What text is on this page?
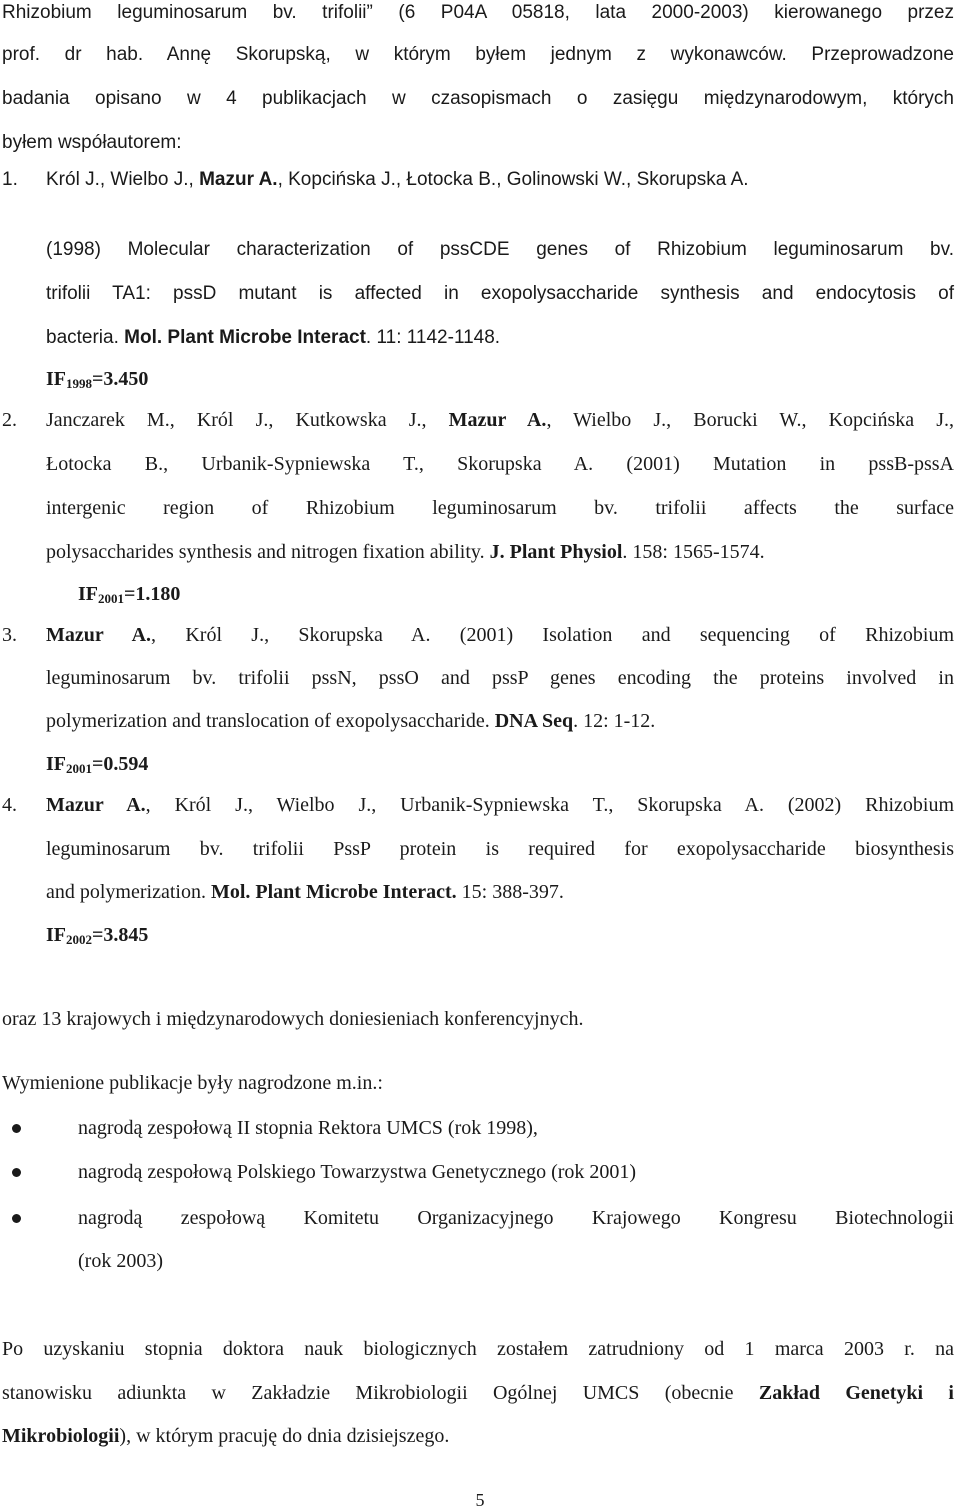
Rhizobium leguminosarum bv. trifolii” (6 P04A 05818, lata 2000-2003) kierowanego przez
prof. dr hab. Annę Skorupską, w którym byłem jednym z wykonawców. Przeprowadzone
badania opisano w 4 publikacjach w czasopismach o zasięgu międzynarodowym, których
byłem współautorem:
1. Król J., Wielbo J., Mazur A., Kopcińska J., Łotocka B., Golinowski W., Skorupska A.
(1998) Molecular characterization of pssCDE genes of Rhizobium leguminosarum bv.
trifolii TA1: pssD mutant is affected in exopolysaccharide synthesis and endocytosis of
bacteria. Mol. Plant Microbe Interact. 11: 1142-1148.
$IF_{1998}=3.450$
2. Janczarek M., Król J., Kutkowska J., Mazur A., Wielbo J., Borucki W., Kopcińska J.,
Łotocka B., Urbanik-Sypniewska T., Skorupska A. (2001) Mutation in pssB-pssA
intergenic region of Rhizobium leguminosarum bv. trifolii affects the surface
polysaccharides synthesis and nitrogen fixation ability. J. Plant Physiol. 158: 1565-1574.
$IF_{2001}=1.180$
3. Mazur A., Król J., Skorupska A. (2001) Isolation and sequencing of Rhizobium
leguminosarum bv. trifolii pssN, pssO and pssP genes encoding the proteins involved in
polymerization and translocation of exopolysaccharide. DNA Seq. 12: 1-12.
$IF_{2001}=0.594$
4. Mazur A., Król J., Wielbo J., Urbanik-Sypniewska T., Skorupska A. (2002) Rhizobium
leguminosarum bv. trifolii PssP protein is required for exopolysaccharide biosynthesis
and polymerization. Mol. Plant Microbe Interact. 15: 388-397.
$IF_{2002}=3.845$
oraz 13 krajowych i międzynarodowych doniesieniach konferencyjnych.
Wymienione publikacje były nagrodzone m.in.:
nagrodą zespołową II stopnia Rektora UMCS (rok 1998),
nagrodą zespołową Polskiego Towarzystwa Genetycznego (rok 2001)
nagrodą zespołową Komitetu Organizacyjnego Krajowego Kongresu Biotechnologii
(rok 2003)
Po uzyskaniu stopnia doktora nauk biologicznych zostałem zatrudniony od 1 marca 2003 r. na
stanowisku adiunkta w Zakładzie Mikrobiologii Ogólnej UMCS (obecnie Zakład Genetyki i
Mikrobiologii), w którym pracuję do dnia dzisiejszego.
5
